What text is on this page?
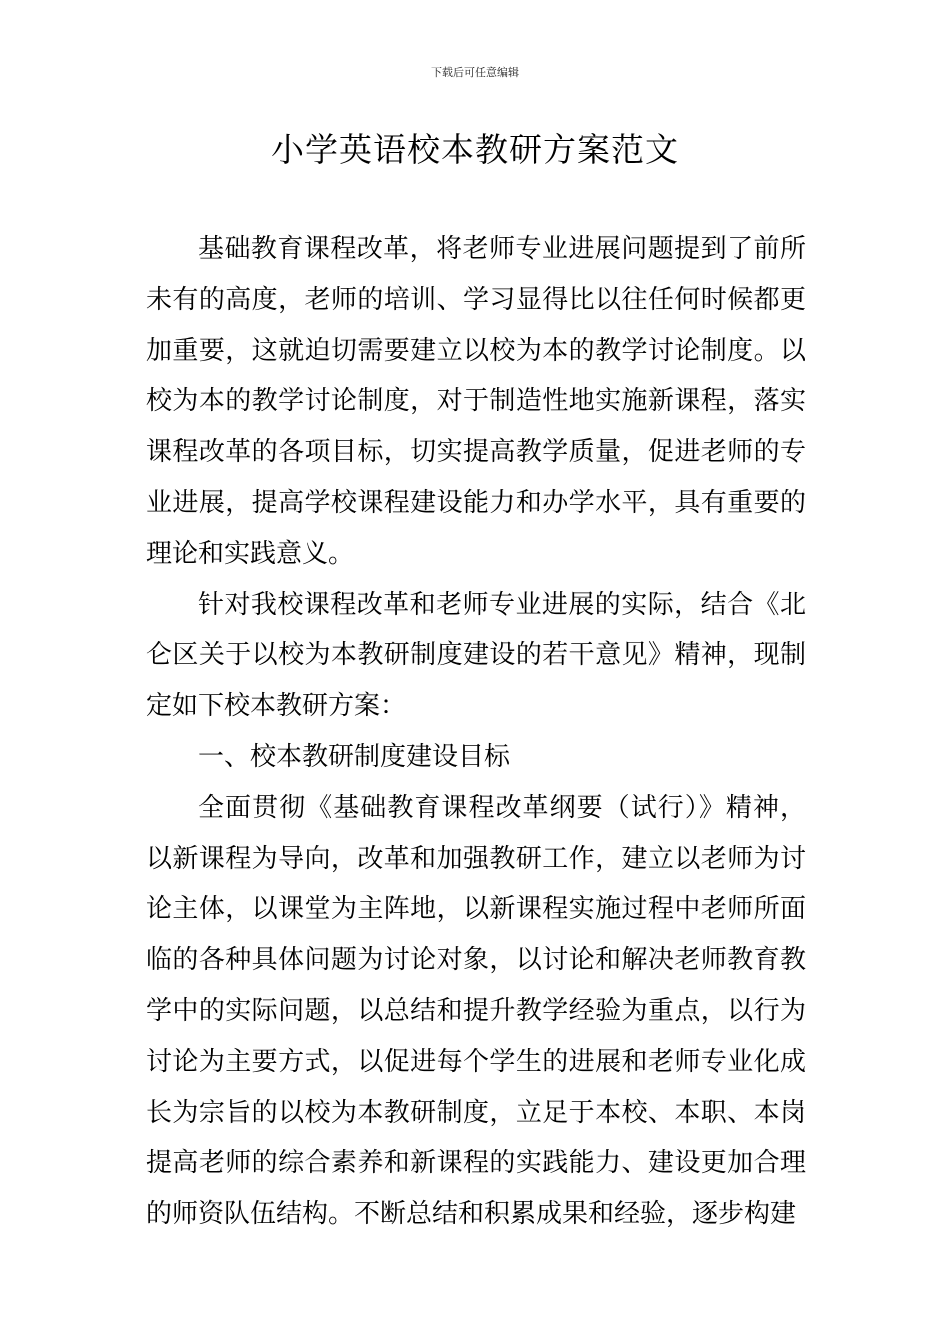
下载后可任意编辑
小学英语校本教研方案范文

基础教育课程改革，将老师专业进展问题提到了前所未有的高度，老师的培训、学习显得比以往任何时候都更加重要，这就迫切需要建立以校为本的教学讨论制度。以校为本的教学讨论制度，对于制造性地实施新课程，落实课程改革的各项目标，切实提高教学质量，促进老师的专业进展，提高学校课程建设能力和办学水平，具有重要的理论和实践意义。

针对我校课程改革和老师专业进展的实际，结合《北仑区关于以校为本教研制度建设的若干意见》精神，现制定如下校本教研方案：

一、校本教研制度建设目标

全面贯彻《基础教育课程改革纲要（试行）》精神，以新课程为导向，改革和加强教研工作，建立以老师为讨论主体，以课堂为主阵地，以新课程实施过程中老师所面临的各种具体问题为讨论对象，以讨论和解决老师教育教学中的实际问题，以总结和提升教学经验为重点，以行为讨论为主要方式，以促进每个学生的进展和老师专业化成长为宗旨的以校为本教研制度，立足于本校、本职、本岗提高老师的综合素养和新课程的实践能力、建设更加合理的师资队伍结构。不断总结和积累成果和经验，逐步构建
